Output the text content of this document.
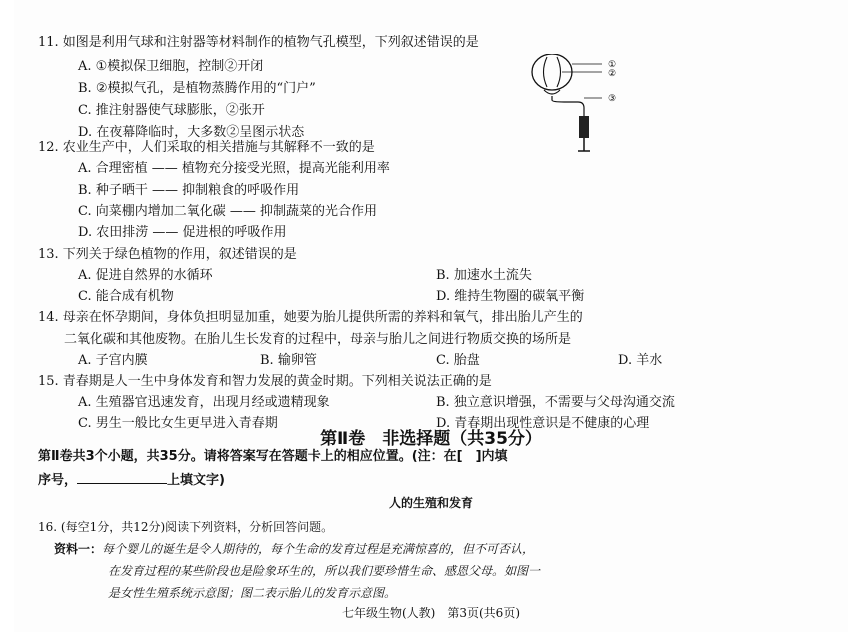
11. 如图是利用气球和注射器等材料制作的植物气孔模型，下列叙述错误的是
A. ①模拟保卫细胞，控制②开闭
B. ②模拟气孔，是植物蒸腾作用的“门户”
C. 推注射器使气球膨胀，②张开
D. 在夜幕降临时，大多数②呈图示状态
①
②
③
12. 农业生产中，人们采取的相关措施与其解释不一致的是
A. 合理密植 —— 植物充分接受光照，提高光能利用率
B. 种子晒干 —— 抑制粮食的呼吸作用
C. 向菜棚内增加二氧化碳 —— 抑制蔬菜的光合作用
D. 农田排涝 —— 促进根的呼吸作用
13. 下列关于绿色植物的作用，叙述错误的是
A. 促进自然界的水循环	B. 加速水土流失
C. 能合成有机物	D. 维持生物圈的碳氧平衡
14. 母亲在怀孕期间，身体负担明显加重，她要为胎儿提供所需的养料和氧气，排出胎儿产生的
二氧化碳和其他废物。在胎儿生长发育的过程中，母亲与胎儿之间进行物质交换的场所是
A. 子宫内膜	B. 输卵管	C. 胎盘	D. 羊水
15. 青春期是人一生中身体发育和智力发展的黄金时期。下列相关说法正确的是
A. 生殖器官迅速发育，出现月经或遗精现象	B. 独立意识增强，不需要与父母沟通交流
C. 男生一般比女生更早进入青春期	D. 青春期出现性意识是不健康的心理
第Ⅱ卷　非选择题（共35分）
第Ⅱ卷共3个小题，共35分。请将答案写在答题卡上的相应位置。(注：在[　]内填
序号，	上填文字)
人的生殖和发育
16. (每空1分，共12分)阅读下列资料，分析回答问题。
资料一：每个婴儿的诞生是令人期待的，每个生命的发育过程是充满惊喜的，但不可否认，
七年级生物(人教)　第3页(共6页)
在发育过程的某些阶段也是险象环生的，所以我们要珍惜生命、感恩父母。如图一
是女性生殖系统示意图；图二表示胎儿的发育示意图。
